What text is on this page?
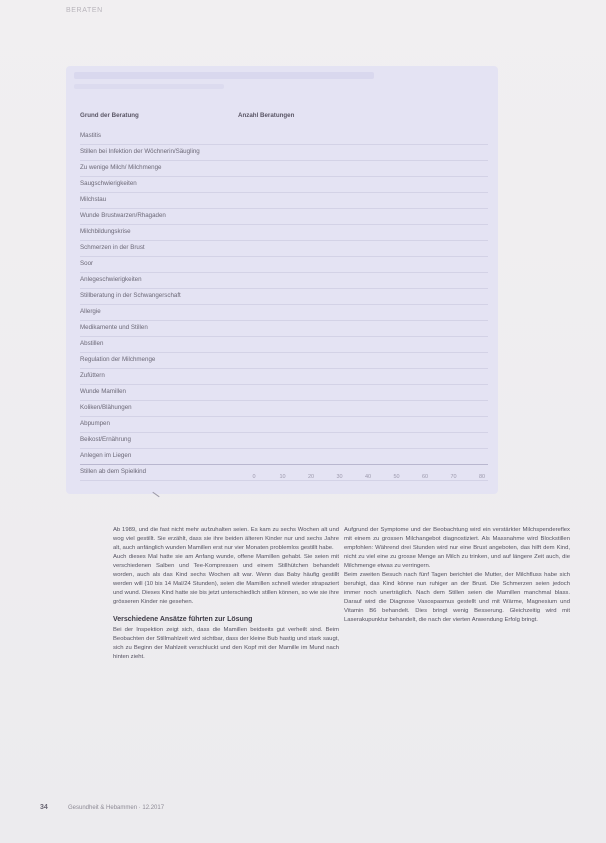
BERATEN
Grund der Beratung	Anzahl Beratungen
Mastitis
Stillen bei Infektion der Wöchnerin/Säugling
Zu wenige Milch/ Milchmenge
Saugschwierigkeiten
Milchstau
Wunde Brustwarzen/Rhagaden
Milchbildungskrise
Schmerzen in der Brust
Soor
Anlegeschwierigkeiten
Stillberatung in der Schwangerschaft
Allergie
Medikamente und Stillen
Abstillen
Regulation der Milchmenge
Zufüttern
Wunde Mamillen
Koliken/Blähungen
Abpumpen
Beikost/Ernährung
Anlegen im Liegen
Stillen ab dem Spielkind
0	10	20	30	40	50	60	70	80

Ab 1989, und die fast nicht mehr aufzuhalten seien. Es kam zu sechs Wochen alt und wog viel gestillt. Sie erzählt, dass sie ihre beiden älteren Kinder nur und sechs Jahre alt, auch anfänglich wunden Mamillen erst nur vier Monaten problemlos gestillt habe.

Auch dieses Mal hatte sie am Anfang wunde, offene Mamillen gehabt. Sie seien mit verschiedenen Salben und Tee-Kompressen und einem Stillhütchen behandelt worden, auch als das Kind sechs Wochen alt war. Wenn das Baby häufig gestillt werden will (10 bis 14 Mal/24 Stunden), seien die Mamillen schnell wieder strapaziert und wund. Dieses Kind hatte sie bis jetzt unterschiedlich stillen können, so wie sie ihre grösseren Kinder nie gesehen.

Verschiedene Ansätze führten zur Lösung

Bei der Inspektion zeigt sich, dass die Mamillen beidseits gut verheilt sind. Beim Beobachten der Stillmahlzeit wird sichtbar, dass der kleine Bub hastig und stark saugt, sich zu Beginn der Mahlzeit verschluckt und den Kopf mit der Mamille im Mund nach hinten zieht.

Aufgrund der Symptome und der Beobachtung wird ein verstärkter Milchspendereflex mit einem zu grossen Milchangebot diagnostiziert. Als Massnahme wird Blockstillen empfohlen: Während drei Stunden wird nur eine Brust angeboten, das hilft dem Kind, nicht zu viel eine zu grosse Menge an Milch zu trinken, und auf längere Zeit auch, die Milchmenge etwas zu verringern.

Beim zweiten Besuch nach fünf Tagen berichtet die Mutter, der Milchfluss habe sich beruhigt, das Kind könne nun ruhiger an der Brust. Die Schmerzen seien jedoch immer noch unerträglich. Nach dem Stillen seien die Mamillen manchmal blass. Darauf wird die Diagnose Vasospasmus gestellt und mit Wärme, Magnesium und Vitamin B6 behandelt. Dies bringt wenig Besserung. Gleichzeitig wird mit Laserakupunktur behandelt, die nach der vierten Anwendung Erfolg bringt.

34	Gesundheit & Hebammen · 12.2017
